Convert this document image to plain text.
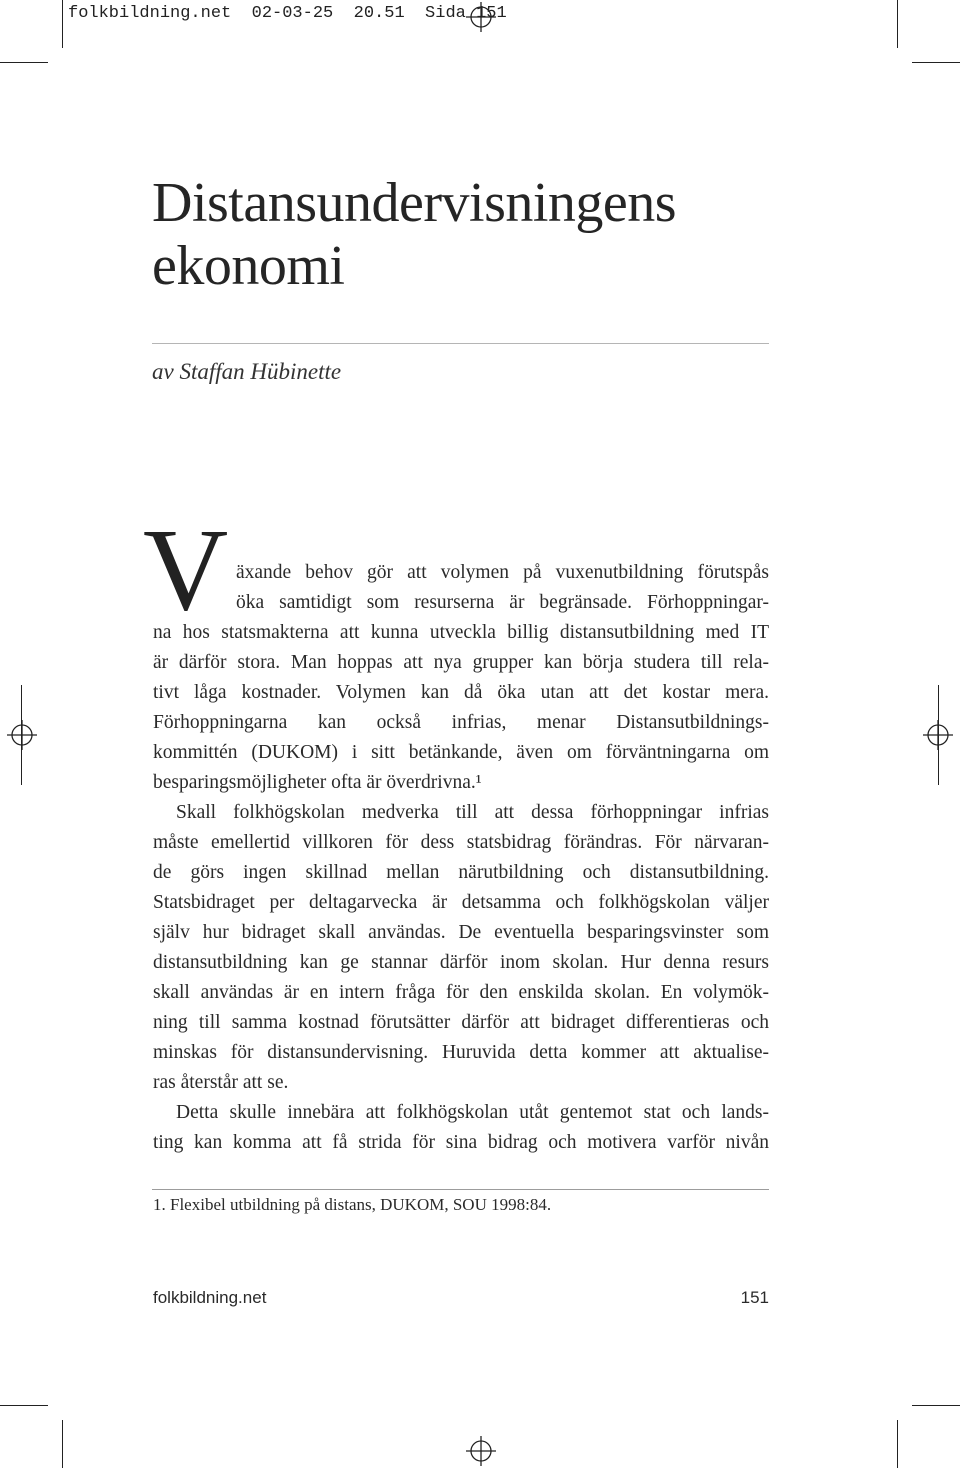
folkbildning.net  02-03-25  20.51  Sida 151
Distansundervisningens
ekonomi
av Staffan Hübinette
V äxande behov gör att volymen på vuxenutbildning förutspås
öka samtidigt som resurserna är begränsade. Förhoppningar-
na hos statsmakterna att kunna utveckla billig distansutbildning med IT
är därför stora. Man hoppas att nya grupper kan börja studera till rela-
tivt låga kostnader. Volymen kan då öka utan att det kostar mera.
Förhoppningarna kan också infrias, menar Distansutbildnings-
kommittén (DUKOM) i sitt betänkande, även om förväntningarna om
besparingsmöjligheter ofta är överdrivna.¹
Skall folkhögskolan medverka till att dessa förhoppningar infrias
måste emellertid villkoren för dess statsbidrag förändras. För närvaran-
de görs ingen skillnad mellan närutbildning och distansutbildning.
Statsbidraget per deltagarvecka är detsamma och folkhögskolan väljer
själv hur bidraget skall användas. De eventuella besparingsvinster som
distansutbildning kan ge stannar därför inom skolan. Hur denna resurs
skall användas är en intern fråga för den enskilda skolan. En volymök-
ning till samma kostnad förutsätter därför att bidraget differentieras och
minskas för distansundervisning. Huruvida detta kommer att aktualise-
ras återstår att se.
Detta skulle innebära att folkhögskolan utåt gentemot stat och lands-
ting kan komma att få strida för sina bidrag och motivera varför nivån
1. Flexibel utbildning på distans, DUKOM, SOU 1998:84.
folkbildning.net	151
